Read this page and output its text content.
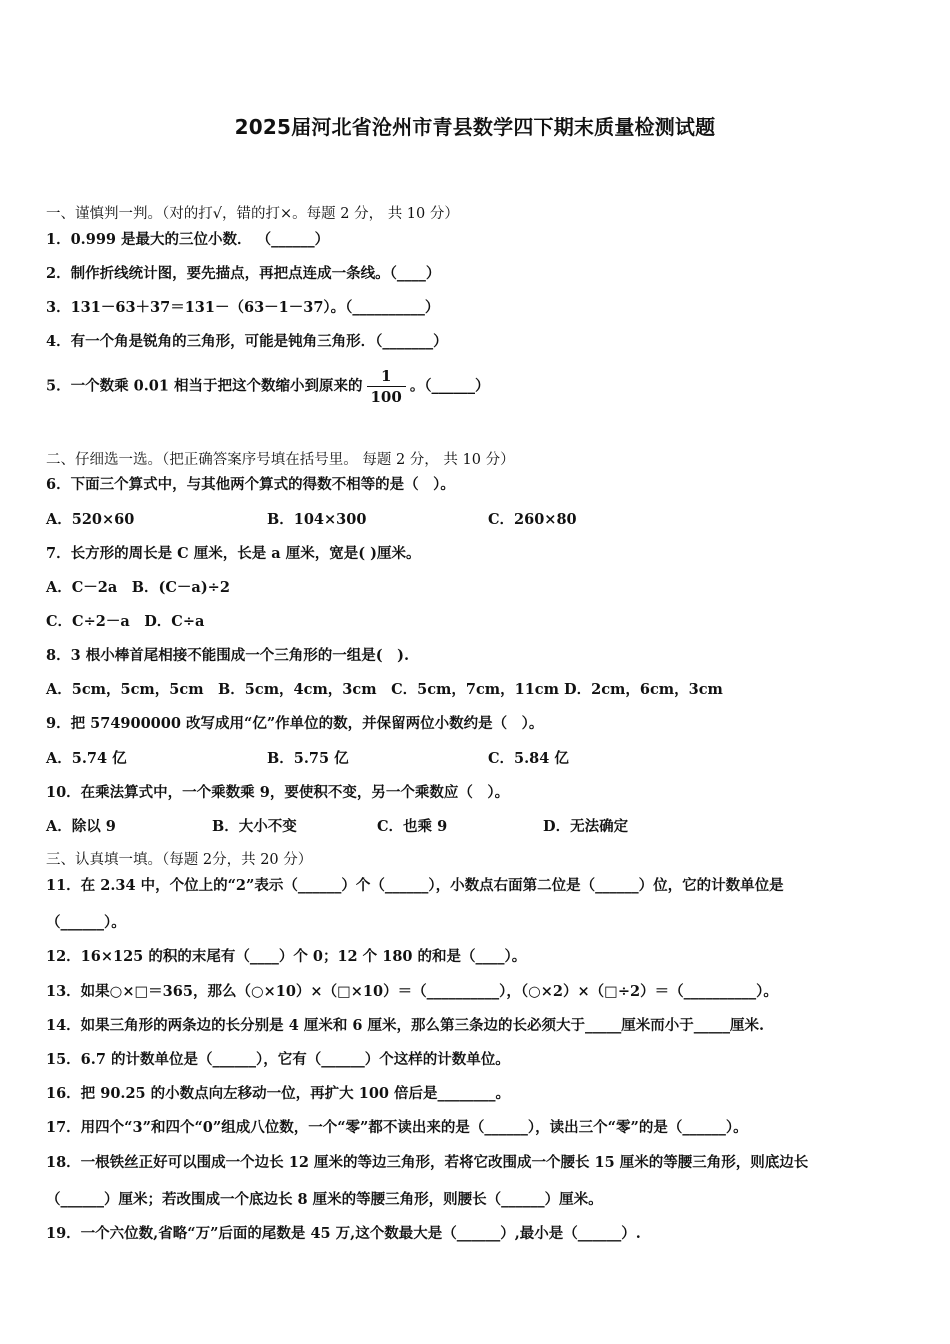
2025届河北省沧州市青县数学四下期末质量检测试题
一、谨慎判一判。（对的打√，错的打×。每题 2 分， 共 10 分）
1．0.999 是最大的三位小数． （______）
2．制作折线统计图，要先描点，再把点连成一条线。（____）
3．131－63＋37＝131－（63－1－37）。（__________）
4．有一个角是锐角的三角形，可能是钝角三角形．（_______）
5．一个数乘 0.01 相当于把这个数缩小到原来的 $\frac{1}{100}$ 。（______）
二、仔细选一选。（把正确答案序号填在括号里。 每题 2 分， 共 10 分）
6．下面三个算式中，与其他两个算式的得数不相等的是（　）。
A．520×60	B．104×300	C．260×80
7．长方形的周长是 C 厘米，长是 a 厘米，宽是( )厘米。
A．C－2a　B．(C－a)÷2
C．C÷2－a　D．C÷a
8．3 根小棒首尾相接不能围成一个三角形的一组是(　).
A．5cm，5cm，5cm　B．5cm，4cm，3cm　C．5cm，7cm，11cm D．2cm，6cm，3cm
9．把 574900000 改写成用“亿”作单位的数，并保留两位小数约是（　）。
A．5.74 亿	B．5.75 亿	C．5.84 亿
10．在乘法算式中，一个乘数乘 9，要使积不变，另一个乘数应（　）。
A．除以 9	B．大小不变	C．也乘 9	D．无法确定
三、认真填一填。（每题 2分，共 20 分）
11．在 2.34 中，个位上的“2”表示（______）个（______），小数点右面第二位是（______）位，它的计数单位是
（______）。
12．16×125 的积的末尾有（____）个 0；12 个 180 的和是（____）。
13．如果○×□＝365，那么（○×10）×（□×10）＝（__________），（○×2）×（□÷2）＝（__________）。
14．如果三角形的两条边的长分别是 4 厘米和 6 厘米，那么第三条边的长必须大于_____厘米而小于_____厘米.
15．6.7 的计数单位是（______），它有（______）个这样的计数单位。
16．把 90.25 的小数点向左移动一位，再扩大 100 倍后是________。
17．用四个“3”和四个“0”组成八位数，一个“零”都不读出来的是（______），读出三个“零”的是（______）。
18．一根铁丝正好可以围成一个边长 12 厘米的等边三角形，若将它改围成一个腰长 15 厘米的等腰三角形，则底边长
（______）厘米；若改围成一个底边长 8 厘米的等腰三角形，则腰长（______）厘米。
19．一个六位数,省略“万”后面的尾数是 45 万,这个数最大是（______）,最小是（______）.
